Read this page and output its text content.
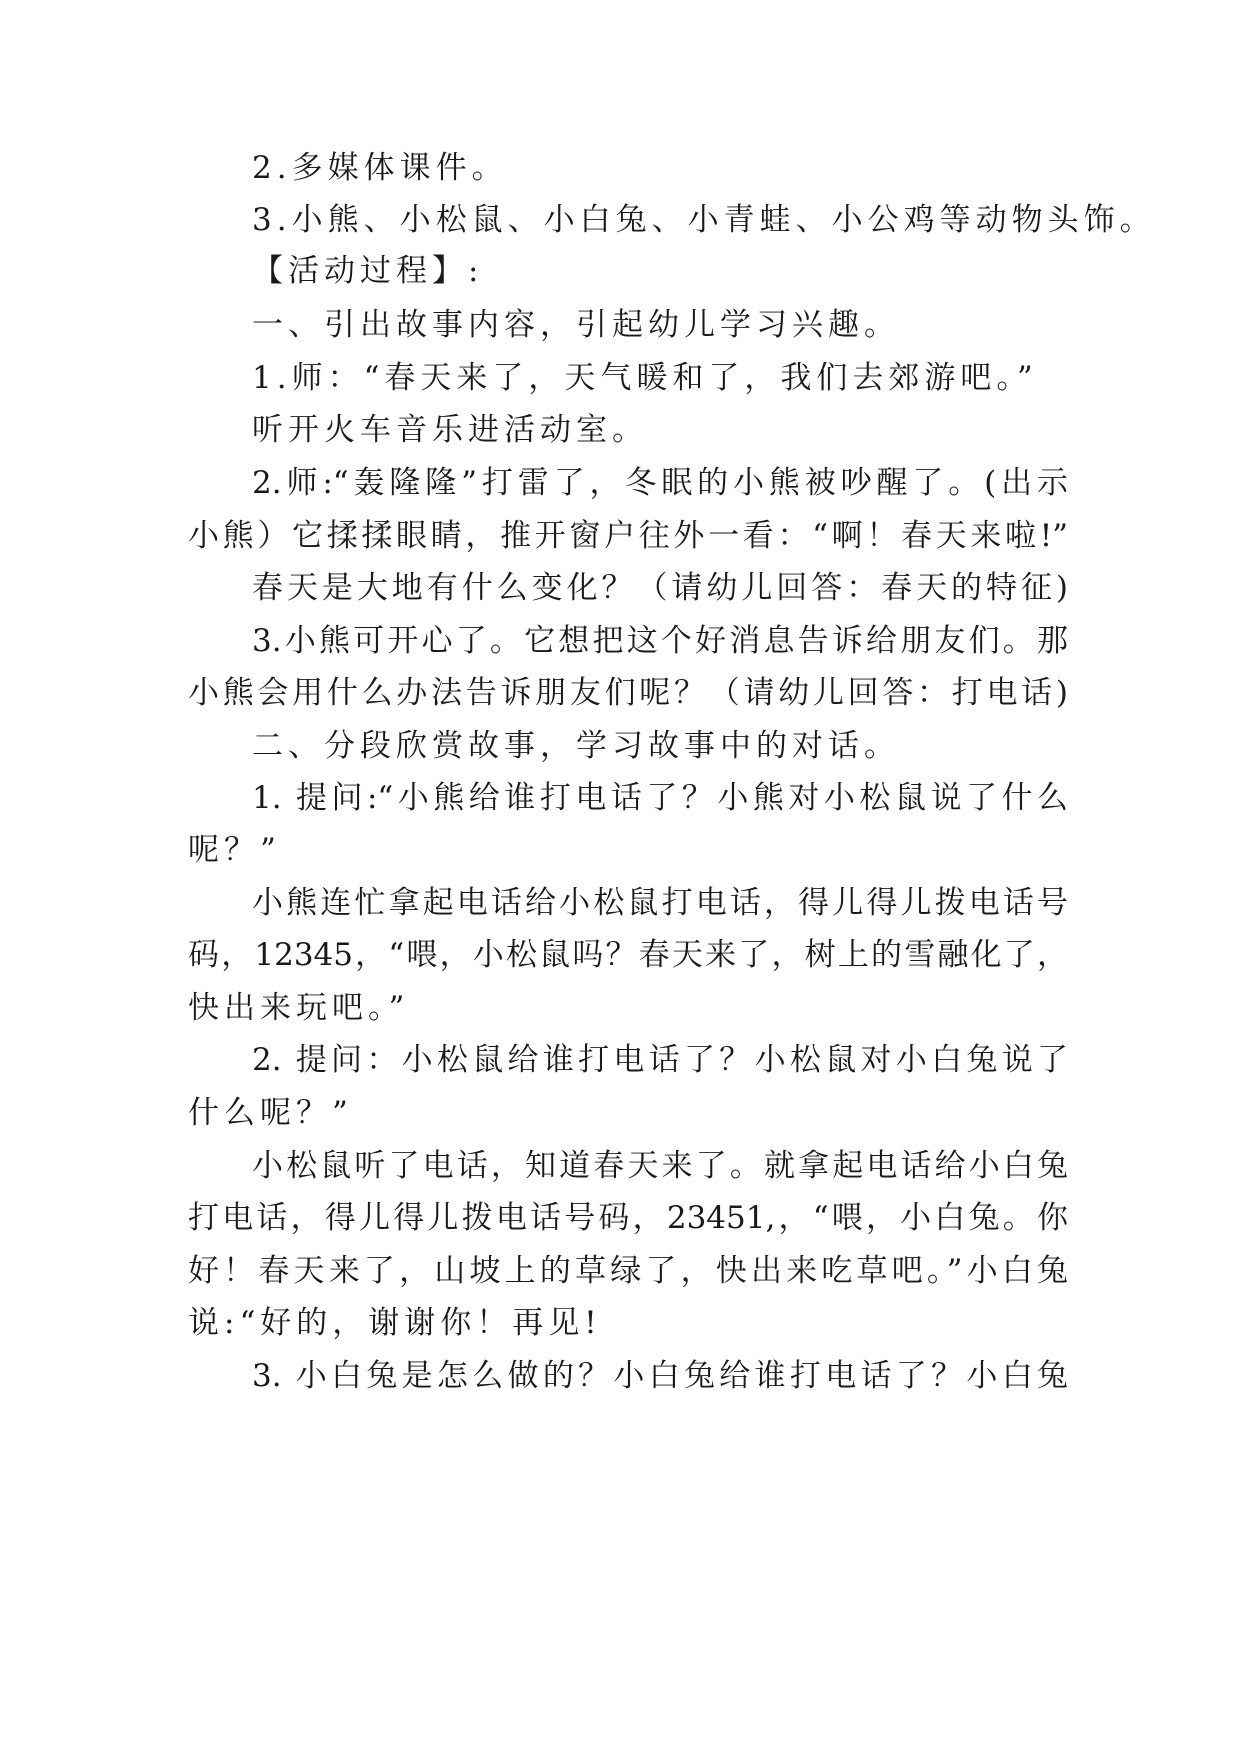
2.多媒体课件。
3.小熊、小松鼠、小白兔、小青蛙、小公鸡等动物头饰。
【活动过程】:
一、引出故事内容，引起幼儿学习兴趣。
1.师：“春天来了，天气暖和了，我们去郊游吧。”
听开火车音乐进活动室。
2.师:“轰隆隆”打雷了，冬眠的小熊被吵醒了。(出示
小熊）它揉揉眼睛，推开窗户往外一看：“啊！春天来啦!”
春天是大地有什么变化？（请幼儿回答：春天的特征)
3.小熊可开心了。它想把这个好消息告诉给朋友们。那
小熊会用什么办法告诉朋友们呢？（请幼儿回答：打电话)
二、分段欣赏故事，学习故事中的对话。
1. 提问:“小熊给谁打电话了？小熊对小松鼠说了什么
呢？”
小熊连忙拿起电话给小松鼠打电话，得儿得儿拨电话号
码，12345，“喂，小松鼠吗？春天来了，树上的雪融化了，
快出来玩吧。”
2. 提问：小松鼠给谁打电话了？小松鼠对小白兔说了
什么呢？”
小松鼠听了电话，知道春天来了。就拿起电话给小白兔
打电话，得儿得儿拨电话号码，23451,，“喂，小白兔。你
好！春天来了，山坡上的草绿了，快出来吃草吧。”小白兔
说:“好的，谢谢你！再见!
3. 小白兔是怎么做的？小白兔给谁打电话了？小白兔
